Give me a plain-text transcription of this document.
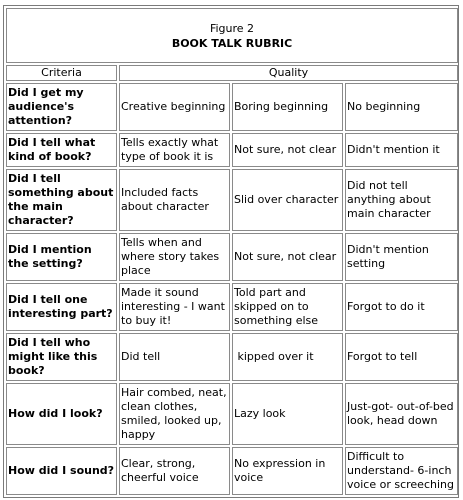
Figure 2
BOOK TALK RUBRIC			

Criteria	Quality		
Did I get my audience's attention?	Creative beginning	Boring beginning	No beginning
Did I tell what kind of book?	Tells exactly what type of book it is	Not sure, not clear	Didn't mention it
Did I tell something about the main character?	Included facts about character	Slid over character	Did not tell anything about main character
Did I mention the setting?	Tells when and where story takes place	Not sure, not clear	Didn't mention setting
Did I tell one interesting part?	Made it sound interesting - I want to buy it!	Told part and skipped on to something else	Forgot to do it
Did I tell who might like this book?	Did tell	kipped over it	Forgot to tell
How did I look?	Hair combed, neat, clean clothes, smiled, looked up, happy	Lazy look	Just-got- out-of-bed look, head down
How did I sound?	Clear, strong, cheerful voice	No expression in voice	Difficult to understand- 6-inch voice or screeching
